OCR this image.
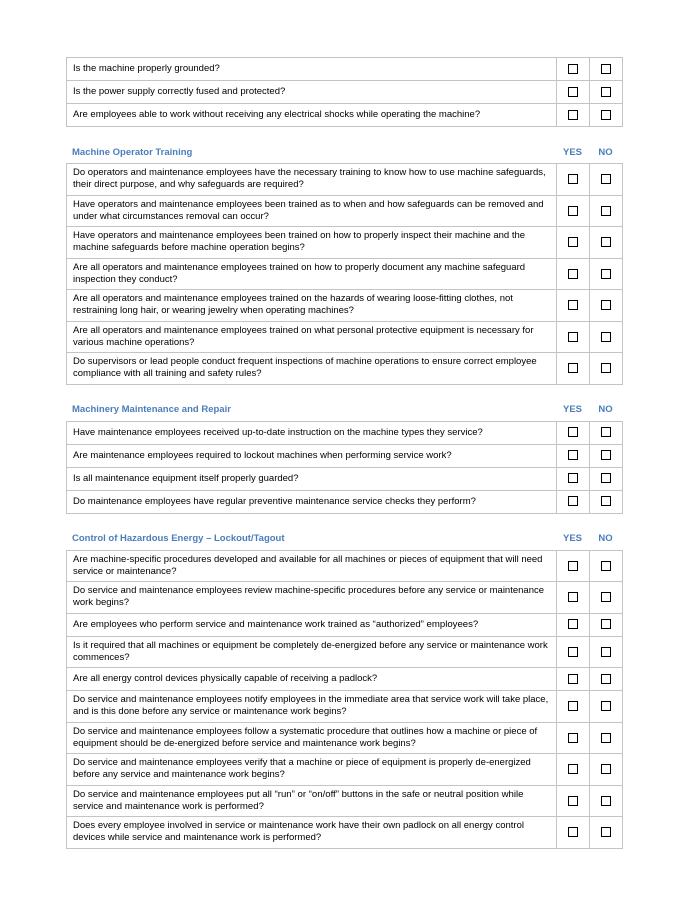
Is the machine properly grounded?		
Is the power supply correctly fused and protected?		
Are employees able to work without receiving any electrical shocks while operating the machine?		
Machine Operator Training	YES	NO
Do operators and maintenance employees have the necessary training to know how to use machine safeguards, their direct purpose, and why safeguards are required?		
Have operators and maintenance employees been trained as to when and how safeguards can be removed and under what circumstances removal can occur?		
Have operators and maintenance employees been trained on how to properly inspect their machine and the machine safeguards before machine operation begins?		
Are all operators and maintenance employees trained on how to properly document any machine safeguard inspection they conduct?		
Are all operators and maintenance employees trained on the hazards of wearing loose-fitting clothes, not restraining long hair, or wearing jewelry when operating machines?		
Are all operators and maintenance employees trained on what personal protective equipment is necessary for various machine operations?		
Do supervisors or lead people conduct frequent inspections of machine operations to ensure correct employee compliance with all training and safety rules?		
Machinery Maintenance and Repair	YES	NO
Have maintenance employees received up-to-date instruction on the machine types they service?		
Are maintenance employees required to lockout machines when performing service work?		
Is all maintenance equipment itself properly guarded?		
Do maintenance employees have regular preventive maintenance service checks they perform?		
Control of Hazardous Energy – Lockout/Tagout	YES	NO
Are machine-specific procedures developed and available for all machines or pieces of equipment that will need service or maintenance?		
Do service and maintenance employees review machine-specific procedures before any service or maintenance work begins?		
Are employees who perform service and maintenance work trained as “authorized” employees?		
Is it required that all machines or equipment be completely de-energized before any service or maintenance work commences?		
Are all energy control devices physically capable of receiving a padlock?		
Do service and maintenance employees notify employees in the immediate area that service work will take place, and is this done before any service or maintenance work begins?		
Do service and maintenance employees follow a systematic procedure that outlines how a machine or piece of equipment should be de-energized before service and maintenance work begins?		
Do service and maintenance employees verify that a machine or piece of equipment is properly de-energized before any service and maintenance work begins?		
Do service and maintenance employees put all “run” or “on/off” buttons in the safe or neutral position while service and maintenance work is performed?		
Does every employee involved in service or maintenance work have their own padlock on all energy control devices while service and maintenance work is performed?		
